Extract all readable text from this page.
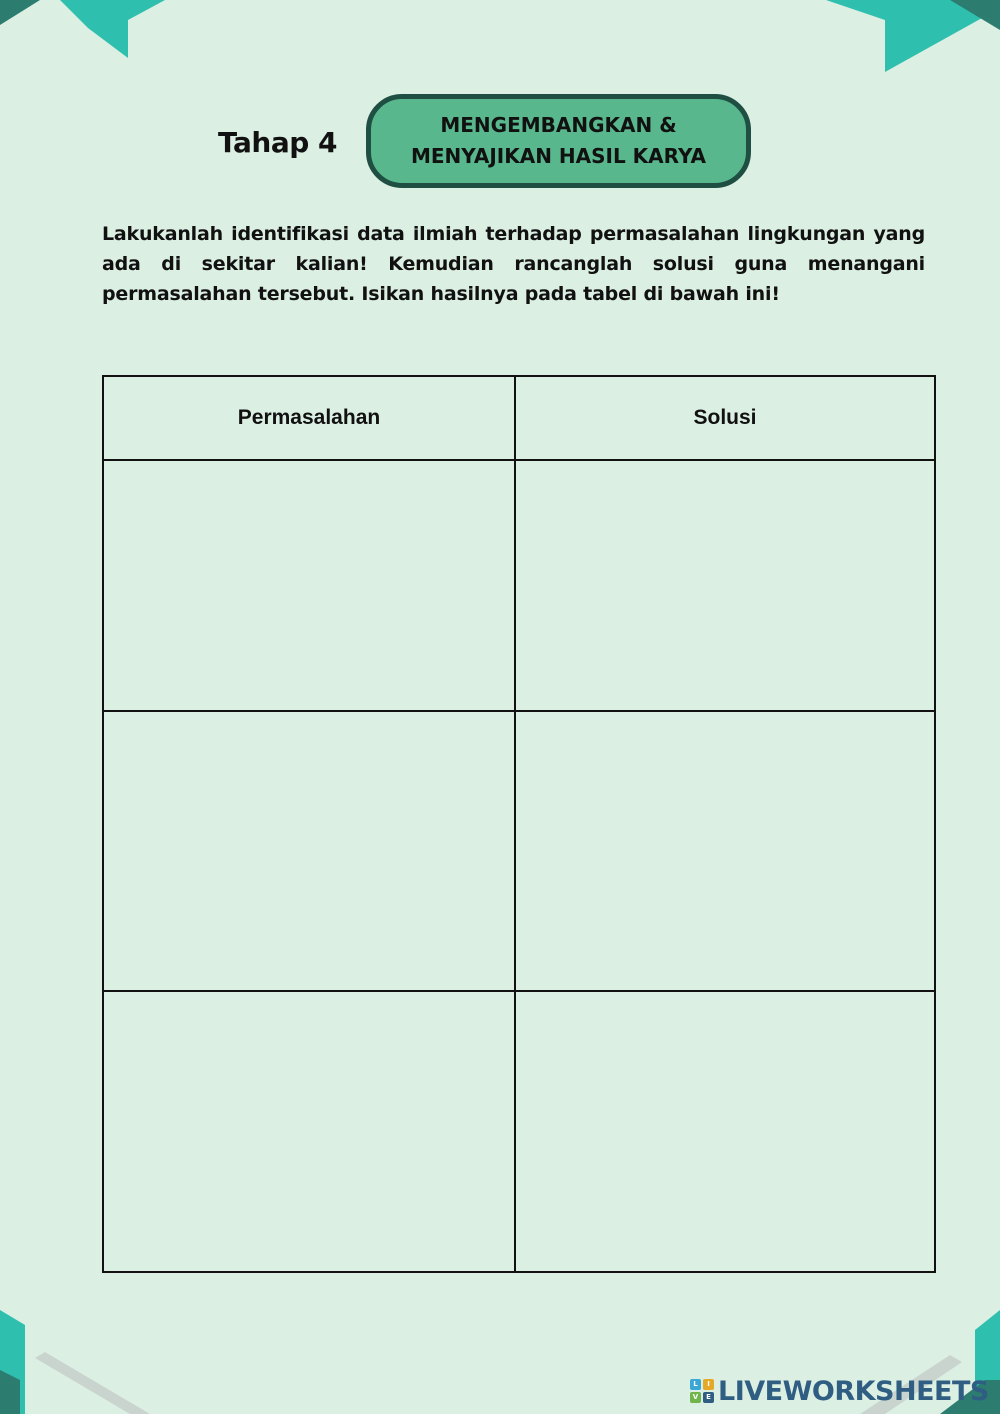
Tahap 4
MENGEMBANGKAN &
MENYAJIKAN HASIL KARYA
Lakukanlah identifikasi data ilmiah terhadap permasalahan lingkungan yang ada di sekitar kalian! Kemudian rancanglah solusi guna menangani permasalahan tersebut. Isikan hasilnya pada tabel di bawah ini!
Permasalahan	Solusi

L	I
V	E LIVEWORKSHEETS
